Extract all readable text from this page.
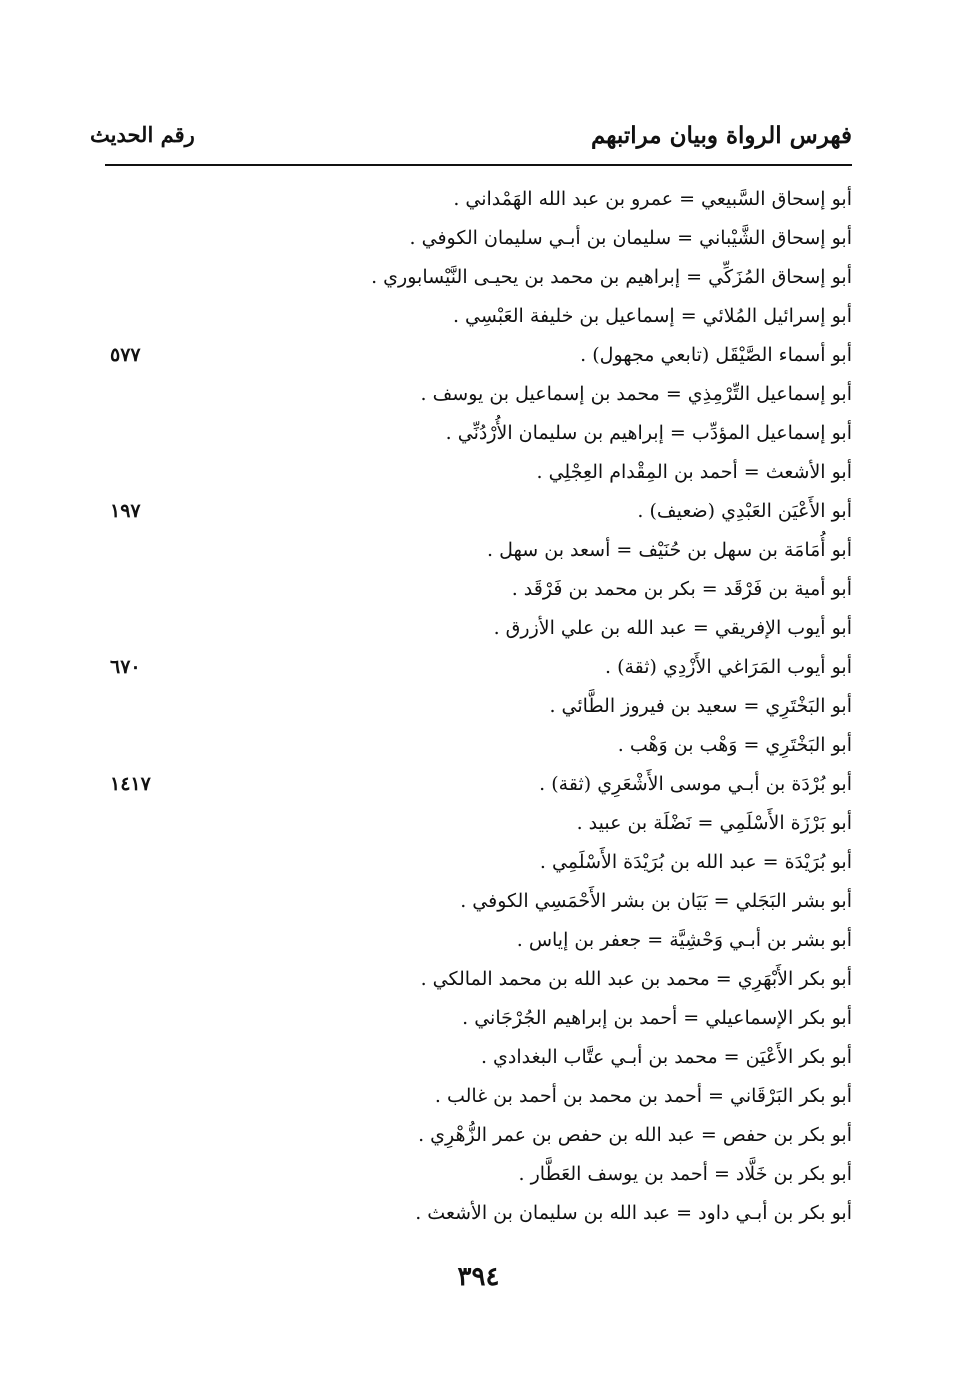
فهرس الرواة وبيان مراتبهم
رقم الحديث
أبو إسحاق السَّبيعي = عمرو بن عبد الله الهَمْداني .
أبو إسحاق الشَّيْباني = سليمان بن أبـي سليمان الكوفي .
أبو إسحاق المُزَكِّي = إبراهيم بن محمد بن يحيـى النَّيْسابوري .
أبو إسرائيل المُلائي = إسماعيل بن خليفة العَبْسِي .
أبو أسماء الصَّيْقَل (تابعي مجهول) .
٥٧٧
أبو إسماعيل التِّرْمِذِي = محمد بن إسماعيل بن يوسف .
أبو إسماعيل المؤدِّب = إبراهيم بن سليمان الأُرْدُنِّي .
أبو الأشعث = أحمد بن المِقْدام العِجْلِي .
أبو الأَعْيَن العَبْدِي (ضعيف) .
١٩٧
أبو أُمَامَة بن سهل بن حُنَيْف = أسعد بن سهل .
أبو أمية بن فَرْقَد = بكر بن محمد بن فَرْقَد .
أبو أيوب الإفريقي = عبد الله بن علي الأزرق .
أبو أيوب المَرَاغي الأَزْدِي (ثقة) .
٦٧٠
أبو البَخْتَرِي = سعيد بن فيروز الطَّائي .
أبو البَخْتَرِي = وَهْب بن وَهْب .
أبو بُرْدَة بن أبـي موسى الأَشْعَرِي (ثقة) .
١٤١٧
أبو بَرْزَة الأَسْلَمِي = نَضْلَة بن عبيد .
أبو بُرَيْدَة = عبد الله بن بُرَيْدَة الأَسْلَمِي .
أبو بشر البَجَلي = بَيَان بن بشر الأَحْمَسِي الكوفي .
أبو بشر بن أبـي وَحْشِيَّة = جعفر بن إياس .
أبو بكر الأَبْهَرِي = محمد بن عبد الله بن محمد المالكي .
أبو بكر الإسماعيلي = أحمد بن إبراهيم الجُرْجَاني .
أبو بكر الأَعْيَن = محمد بن أبـي عتَّاب البغدادي .
أبو بكر البَرْقَاني = أحمد بن محمد بن أحمد بن غالب .
أبو بكر بن حفص = عبد الله بن حفص بن عمر الزُّهْرِي .
أبو بكر بن خَلَّاد = أحمد بن يوسف العَطَّار .
أبو بكر بن أبـي داود = عبد الله بن سليمان بن الأشعث .
٣٩٤
